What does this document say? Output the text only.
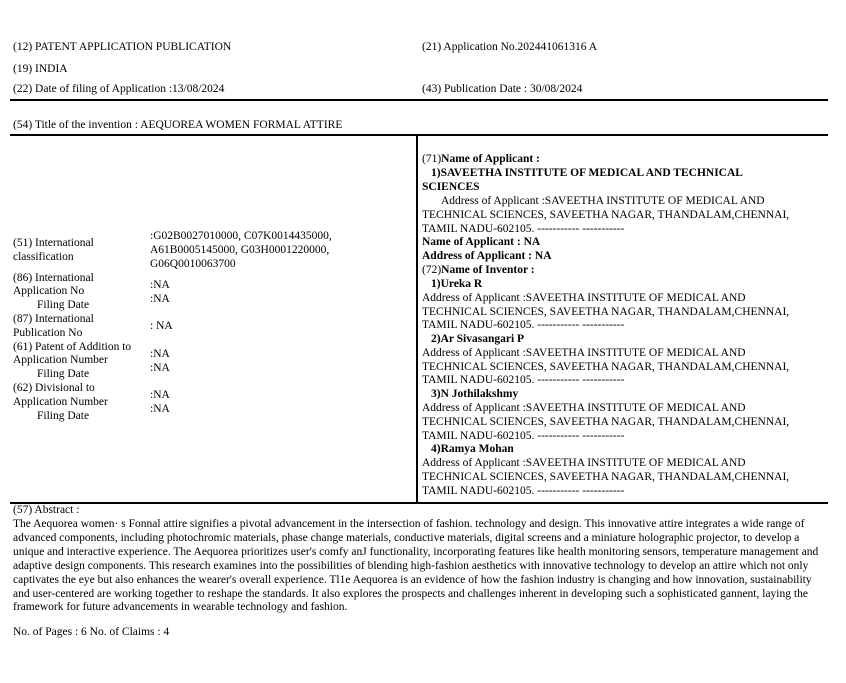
(12) PATENT APPLICATION PUBLICATION
(19) INDIA
(22) Date of filing of Application :13/08/2024
(21) Application No.202441061316 A
(43) Publication Date : 30/08/2024
(54) Title of the invention : AEQUOREA WOMEN FORMAL ATTIRE
(51) International
classification
:G02B0027010000, C07K0014435000,
A61B0005145000, G03H0001220000,
G06Q0010063700
(86) International
Application No
Filing Date
:NA
:NA
(87) International
Publication No
: NA
(61) Patent of Addition to
Application Number
Filing Date
:NA
:NA
(62) Divisional to
Application Number
Filing Date
:NA
:NA
(71)Name of Applicant :
1)SAVEETHA INSTITUTE OF MEDICAL AND TECHNICAL
SCIENCES
Address of Applicant :SAVEETHA INSTITUTE OF MEDICAL AND
TECHNICAL SCIENCES, SAVEETHA NAGAR, THANDALAM,CHENNAI,
TAMIL NADU-602105. ----------- -----------
Name of Applicant : NA
Address of Applicant : NA
(72)Name of Inventor :
1)Ureka R
Address of Applicant :SAVEETHA INSTITUTE OF MEDICAL AND
TECHNICAL SCIENCES, SAVEETHA NAGAR, THANDALAM,CHENNAI,
TAMIL NADU-602105. ----------- -----------
2)Ar Sivasangari P
Address of Applicant :SAVEETHA INSTITUTE OF MEDICAL AND
TECHNICAL SCIENCES, SAVEETHA NAGAR, THANDALAM,CHENNAI,
TAMIL NADU-602105. ----------- -----------
3)N Jothilakshmy
Address of Applicant :SAVEETHA INSTITUTE OF MEDICAL AND
TECHNICAL SCIENCES, SAVEETHA NAGAR, THANDALAM,CHENNAI,
TAMIL NADU-602105. ----------- -----------
4)Ramya Mohan
Address of Applicant :SAVEETHA INSTITUTE OF MEDICAL AND
TECHNICAL SCIENCES, SAVEETHA NAGAR, THANDALAM,CHENNAI,
TAMIL NADU-602105. ----------- -----------
(57) Abstract :
The Aequorea women· s Fonnal attire signifies a pivotal advancement in the intersection of fashion. technology and design. This innovative attire integrates a wide range of advanced components, including photochromic materials, phase change materials, conductive materials, digital screens and a miniature holographic projector, to develop a unique and interactive experience. The Aequorea prioritizes user's comfy anJ functionality, incorporating features like health monitoring sensors, temperature management and adaptive design components. This research examines into the possibilities of blending high-fashion aesthetics with innovative technology to develop an attire which not only captivates the eye but also enhances the wearer's overall experience. Tl1e Aequorea is an evidence of how the fashion industry is changing and how innovation, sustainability and user-centered are working together to reshape the standards. It also explores the prospects and challenges inherent in developing such a sophisticated gannent, laying the framework for future advancements in wearable technology and fashion.
No. of Pages : 6 No. of Claims : 4
